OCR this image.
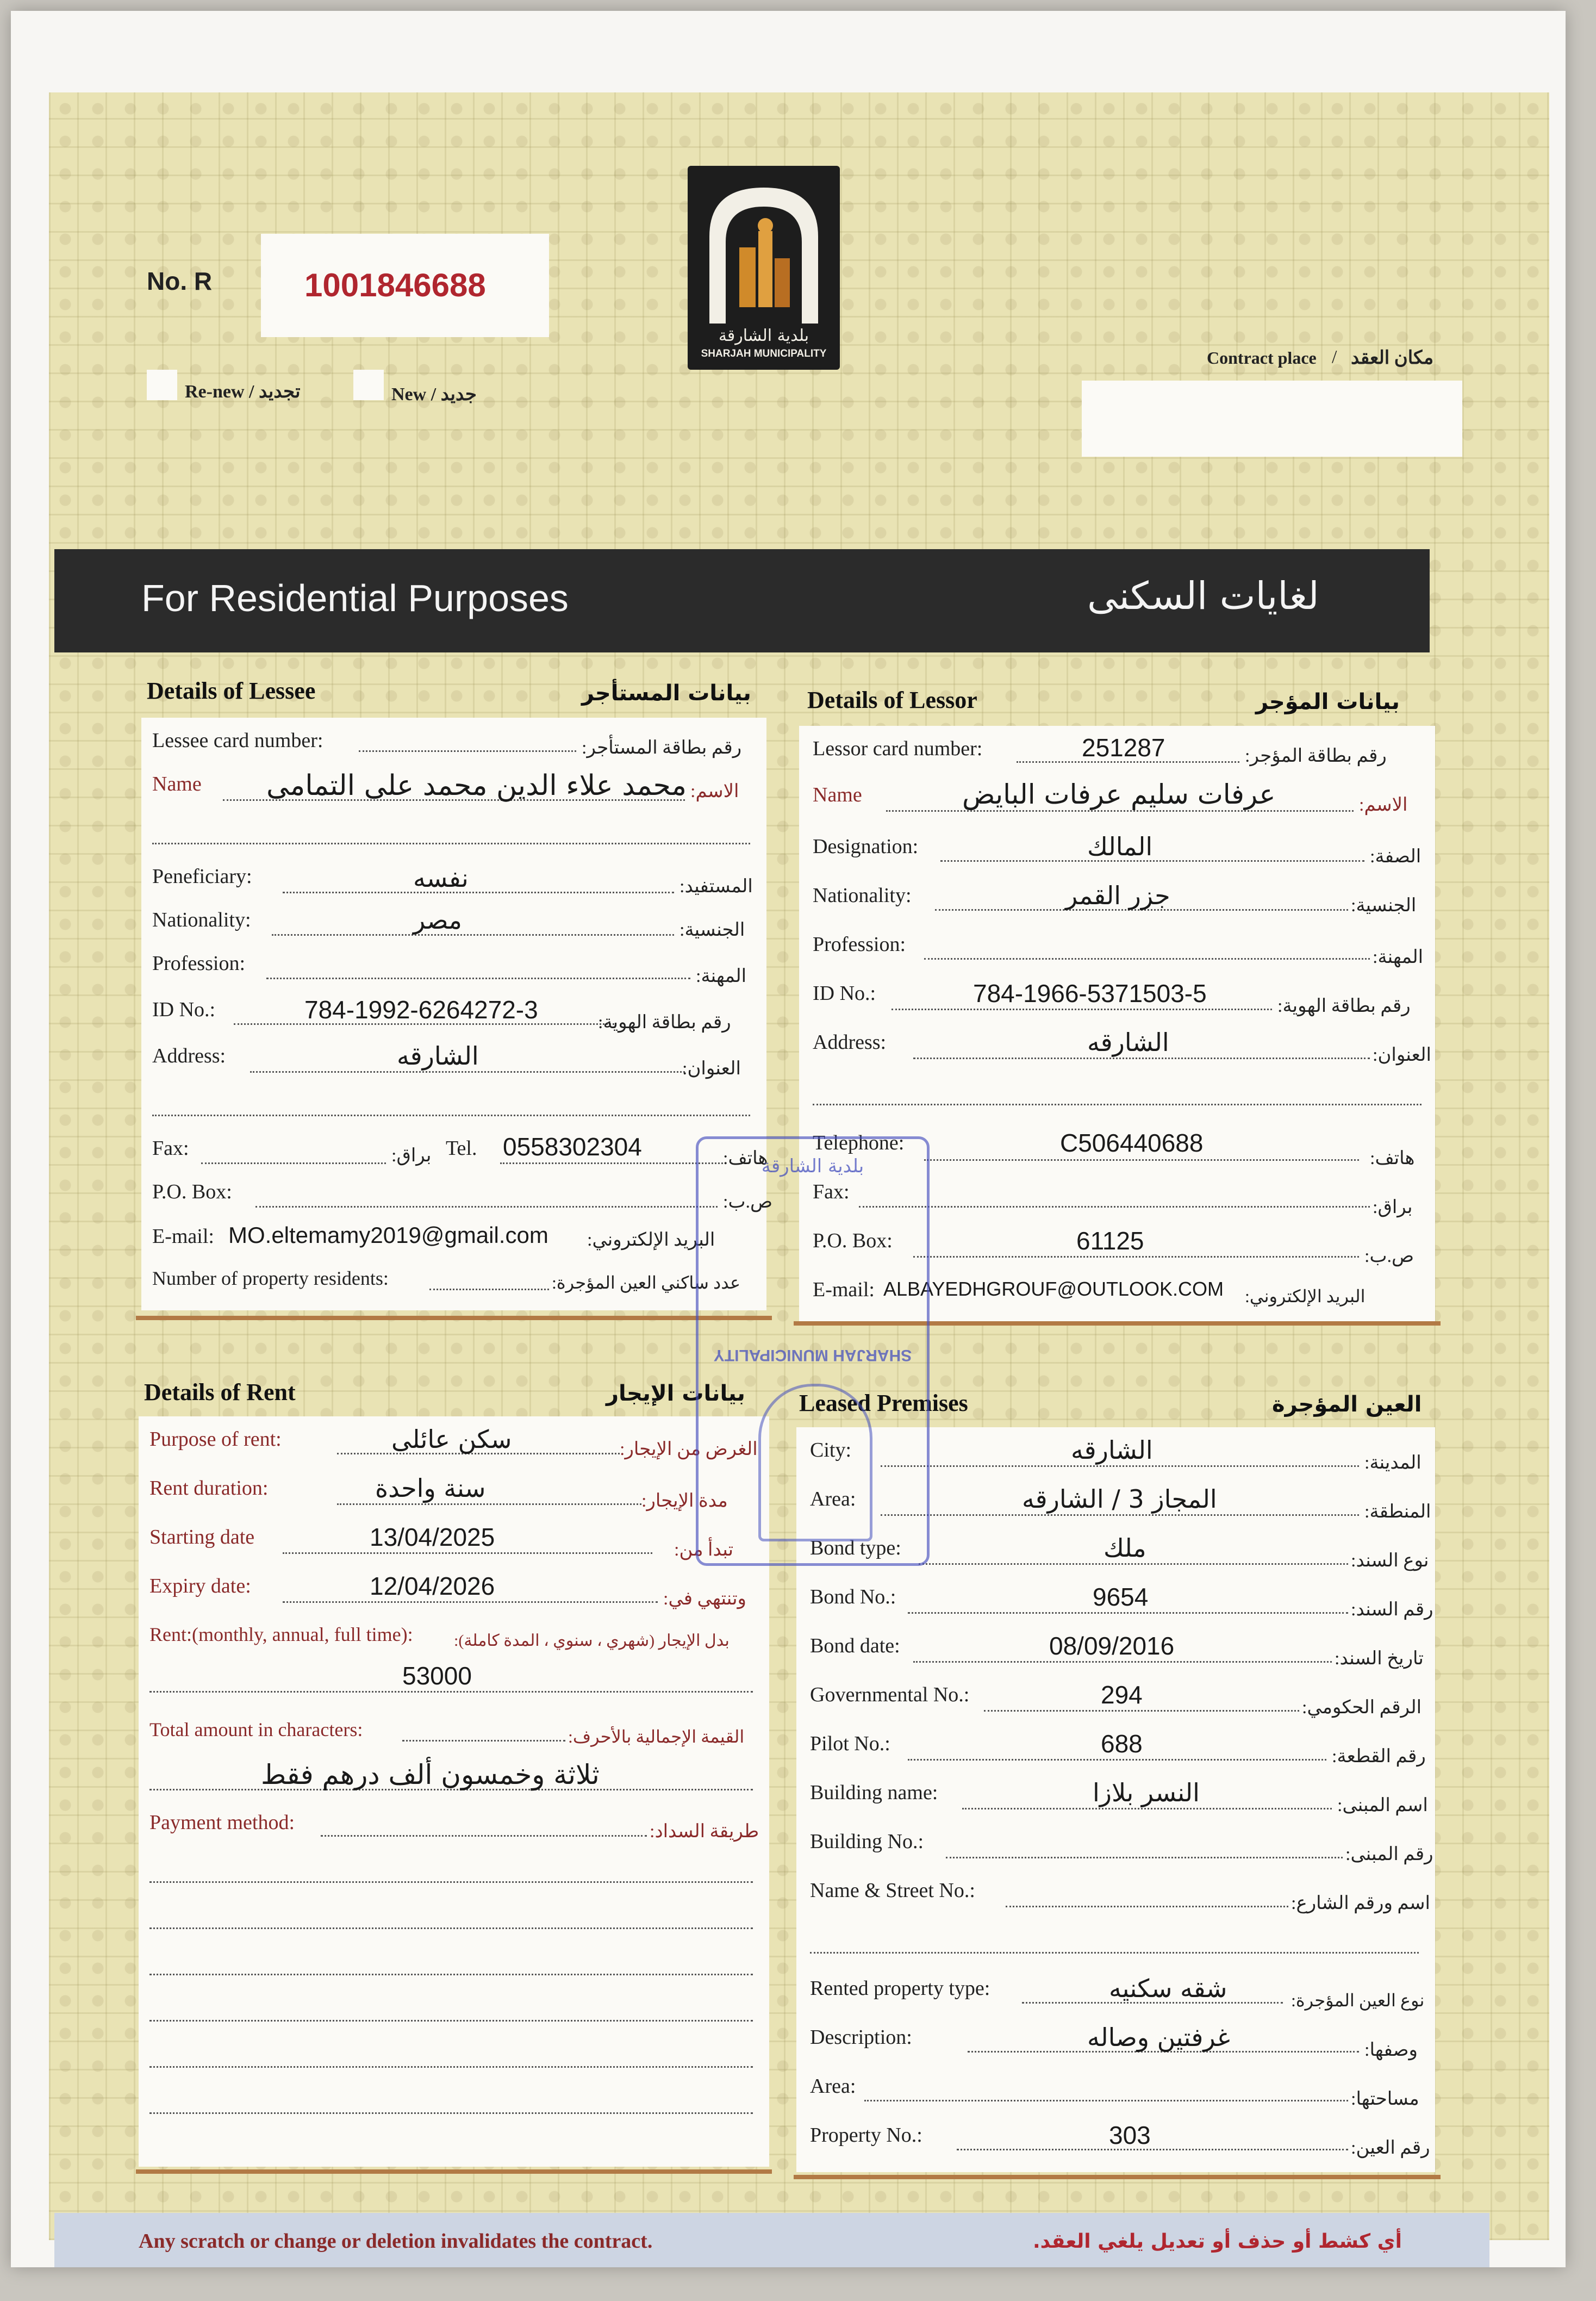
No. R	1001846688
Re-new / تجديد	New / جديد
بلدية الشارقة
SHARJAH MUNICIPALITY	Contract place / مكان العقد
For Residential Purposes	لغايات السكنى
Details of Lessee	بيانات المستأجر
Lessee card number:	رقم بطاقة المستأجر:
Name محمد علاء الدين محمد على التمامى الاسم:
Peneficiary:	نفسه	المستفيد:
Nationality:	مصر	الجنسية:
Profession:
المهنة:
ID No.:	784-1992-6264272-3	رقم بطاقة الهوية:
Address:	الشارقه	العنوان:
Fax:	براق: Tel. 0558302304	هاتف:
P.O. Box:	ص.ب:
E-mail: MO.eltemamy2019@gmail.com البريد الإلكتروني:
Number of property residents:	عدد ساكني العين المؤجرة:
Details of Lessor	بيانات المؤجر
Lessor card number:	251287	رقم بطاقة المؤجر:
Name	عرفات سليم عرفات البايض	الاسم:
Designation:	المالك	الصفة:
Nationality:	جزر القمر	الجنسية:
Profession:
المهنة:
ID No.:	784-1966-5371503-5	رقم بطاقة الهوية:
Address:	الشارقه	العنوان:
Telephone:	C506440688
هاتف:
Fax:
براق:
P.O. Box:	61125
ص.ب:
E-mail: ALBAYEDHGROUF@OUTLOOK.COM البريد الإلكتروني:
Details of Rent	بيانات الإيجار
Purpose of rent:	سكن عائلى	الغرض من الإيجار:
Rent duration:	سنة واحدة	مدة الإيجار:
Starting date	13/04/2025	تبدأ من:
Expiry date:	12/04/2026	وتنتهي في:
Rent:(monthly, annual, full time):	بدل الإيجار (شهري ، سنوي ، المدة كاملة):
53000
Total amount in characters:	القيمة الإجمالية بالأحرف:
ثلاثة وخمسون ألف درهم فقط
Payment method:	طريقة السداد:
Leased Premises	العين المؤجرة
City:	الشارقه	المدينة:
Area:	المجاز 3 / الشارقه	المنطقة:
Bond type:	ملك	نوع السند:
Bond No.:	9654	رقم السند:
Bond date:	08/09/2016	تاريخ السند:
Governmental No.:	294	الرقم الحكومي:
Pilot No.:	688	رقم القطعة:
Building name:	النسر بلازا	اسم المبنى:
Building No.:
رقم المبنى:
Name & Street No.:
اسم ورقم الشارع:
Rented property type:	شقه سكنيه	نوع العين المؤجرة:
Description:	غرفتين وصاله	وصفها:
Area:
مساحتها:
Property No.:	303	رقم العين:
بلدية الشارقة
SHARJAH MUNICIPALITY
Any scratch or change or deletion invalidates the contract.	أي كشط أو حذف أو تعديل يلغي العقد.
